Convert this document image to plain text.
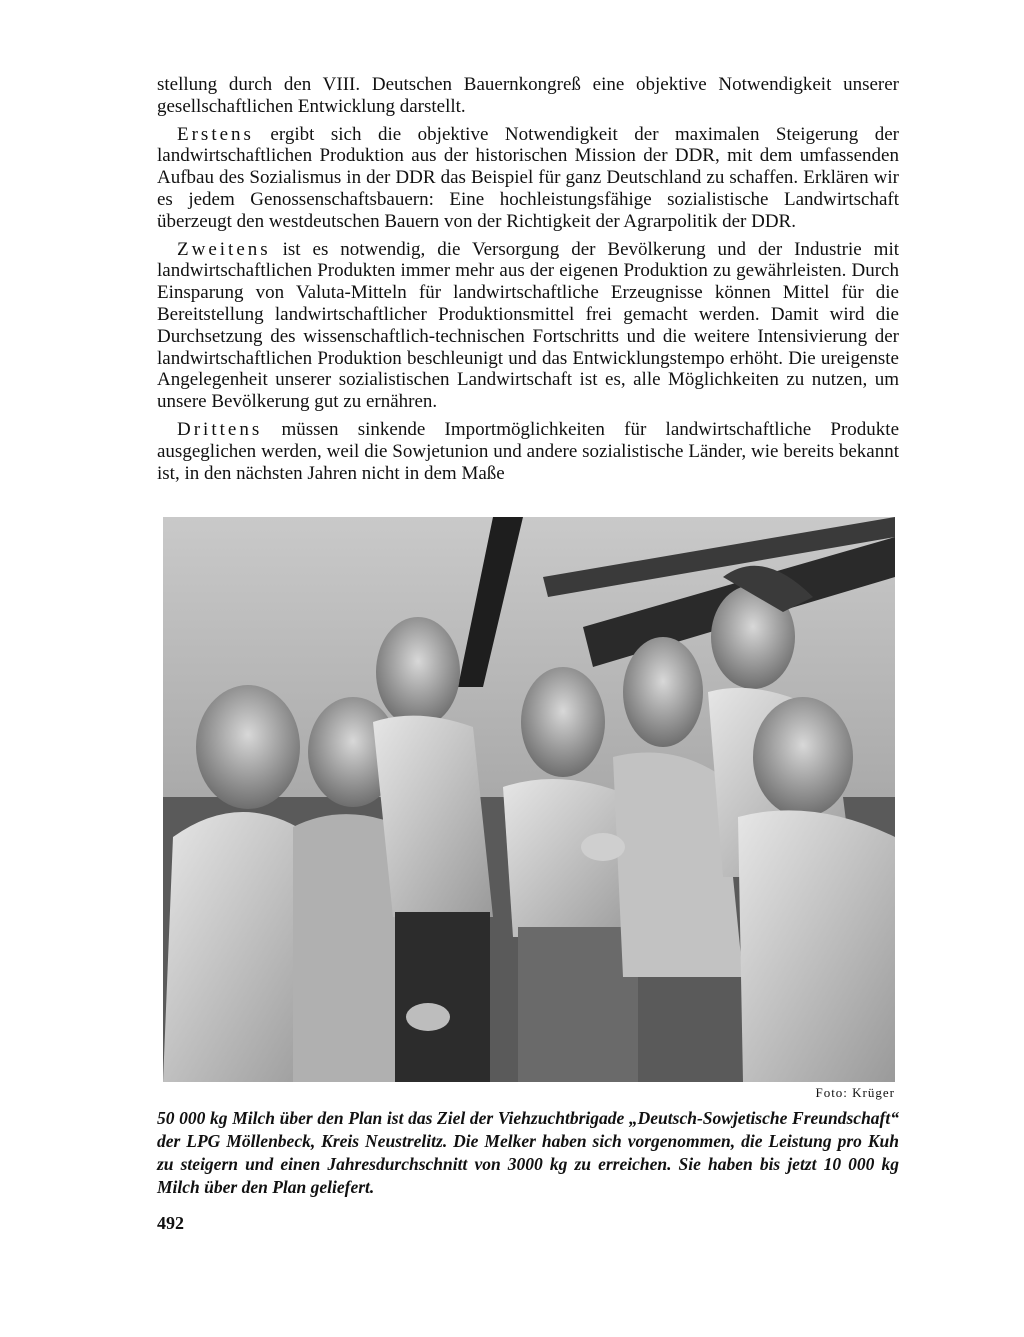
stellung durch den VIII. Deutschen Bauernkongreß eine objektive Notwendigkeit unserer gesellschaftlichen Entwicklung darstellt.

Erstens ergibt sich die objektive Notwendigkeit der maximalen Steigerung der landwirtschaftlichen Produktion aus der historischen Mission der DDR, mit dem umfassenden Aufbau des Sozialismus in der DDR das Beispiel für ganz Deutschland zu schaffen. Erklären wir es jedem Genossenschaftsbauern: Eine hochleistungsfähige sozialistische Landwirtschaft überzeugt den westdeutschen Bauern von der Richtigkeit der Agrarpolitik der DDR.

Zweitens ist es notwendig, die Versorgung der Bevölkerung und der Industrie mit landwirtschaftlichen Produkten immer mehr aus der eigenen Produktion zu gewährleisten. Durch Einsparung von Valuta-Mitteln für landwirtschaftliche Erzeugnisse können Mittel für die Bereitstellung landwirtschaftlicher Produktionsmittel frei gemacht werden. Damit wird die Durchsetzung des wissenschaftlich-technischen Fortschritts und die weitere Intensivierung der landwirtschaftlichen Produktion beschleunigt und das Entwicklungstempo erhöht. Die ureigenste Angelegenheit unserer sozialistischen Landwirtschaft ist es, alle Möglichkeiten zu nutzen, um unsere Bevölkerung gut zu ernähren.

Drittens müssen sinkende Importmöglichkeiten für landwirtschaftliche Produkte ausgeglichen werden, weil die Sowjetunion und andere sozialistische Länder, wie bereits bekannt ist, in den nächsten Jahren nicht in dem Maße

Foto: Krüger
50 000 kg Milch über den Plan ist das Ziel der Viehzuchtbrigade „Deutsch-Sowjetische Freundschaft“ der LPG Möllenbeck, Kreis Neustrelitz. Die Melker haben sich vorgenommen, die Leistung pro Kuh zu steigern und einen Jahresdurchschnitt von 3000 kg zu erreichen. Sie haben bis jetzt 10 000 kg Milch über den Plan geliefert.
492
